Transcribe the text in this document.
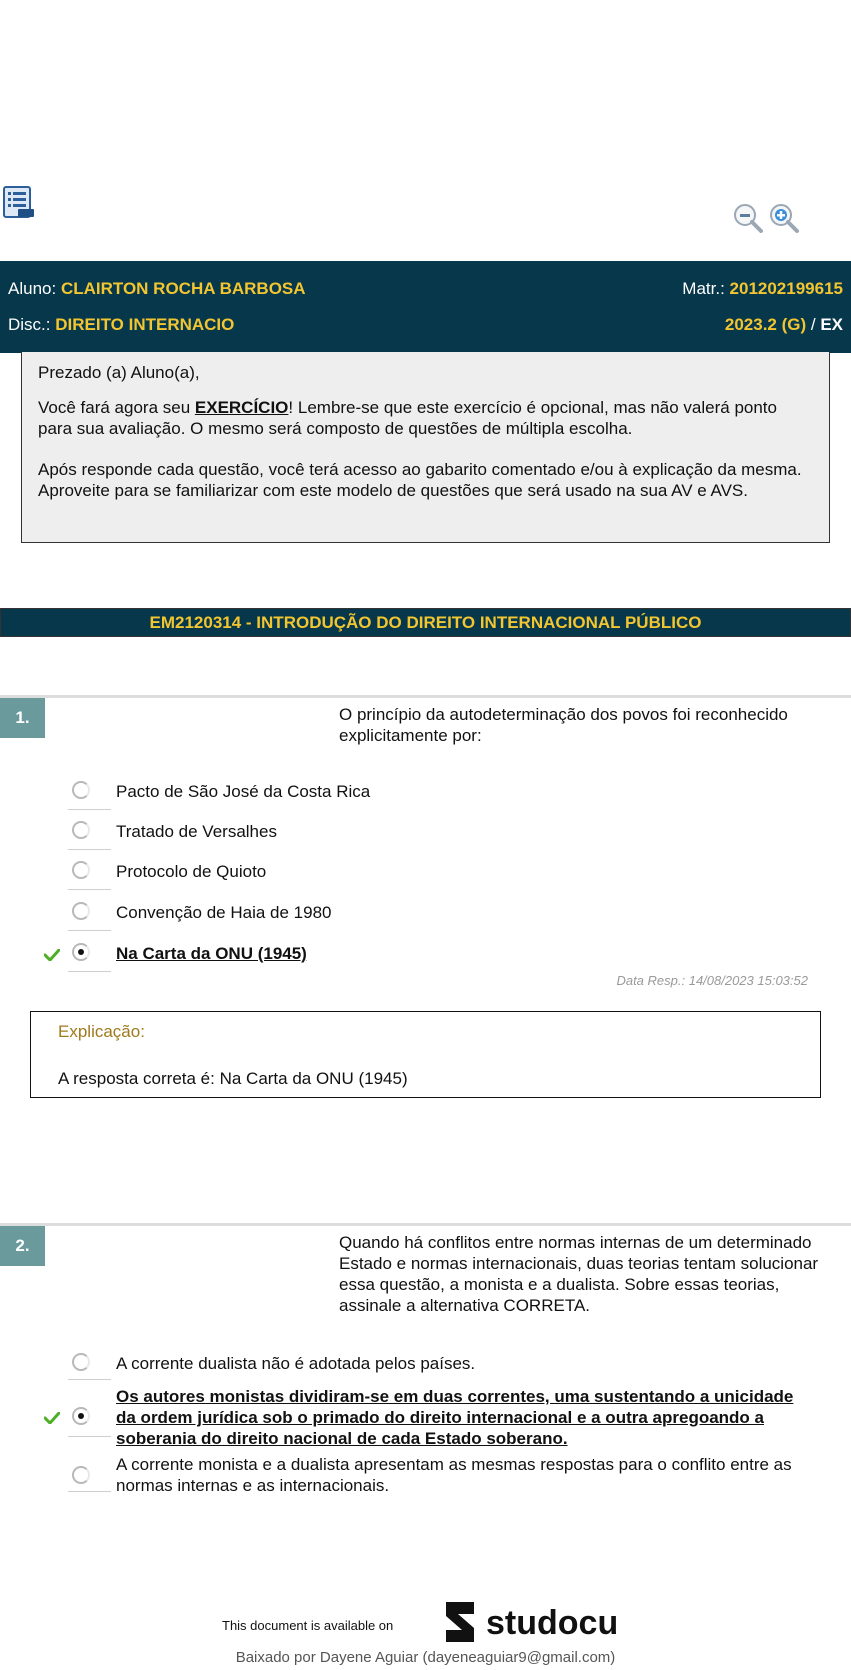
Aluno: CLAIRTON ROCHA BARBOSA	Matr.: 201202199615
Disc.: DIREITO INTERNACIO	2023.2 (G) / EX

Prezado (a) Aluno(a),

Você fará agora seu EXERCÍCIO! Lembre-se que este exercício é opcional, mas não valerá ponto para sua avaliação. O mesmo será composto de questões de múltipla escolha.

Após responde cada questão, você terá acesso ao gabarito comentado e/ou à explicação da mesma. Aproveite para se familiarizar com este modelo de questões que será usado na sua AV e AVS.

EM2120314 - INTRODUÇÃO DO DIREITO INTERNACIONAL PÚBLICO
1.	O princípio da autodeterminação dos povos foi reconhecido explicitamente por:
Pacto de São José da Costa Rica
Tratado de Versalhes
Protocolo de Quioto
Convenção de Haia de 1980
Na Carta da ONU (1945)
Data Resp.: 14/08/2023 15:03:52
Explicação:
A resposta correta é: Na Carta da ONU (1945)
2.	Quando há conflitos entre normas internas de um determinado Estado e normas internacionais, duas teorias tentam solucionar essa questão, a monista e a dualista. Sobre essas teorias, assinale a alternativa CORRETA.
A corrente dualista não é adotada pelos países.
Os autores monistas dividiram-se em duas correntes, uma sustentando a unicidade da ordem jurídica sob o primado do direito internacional e a outra apregoando a soberania do direito nacional de cada Estado soberano.
A corrente monista e a dualista apresentam as mesmas respostas para o conflito entre as normas internas e as internacionais.
This document is available on	studocu
Baixado por Dayene Aguiar (dayeneaguiar9@gmail.com)
